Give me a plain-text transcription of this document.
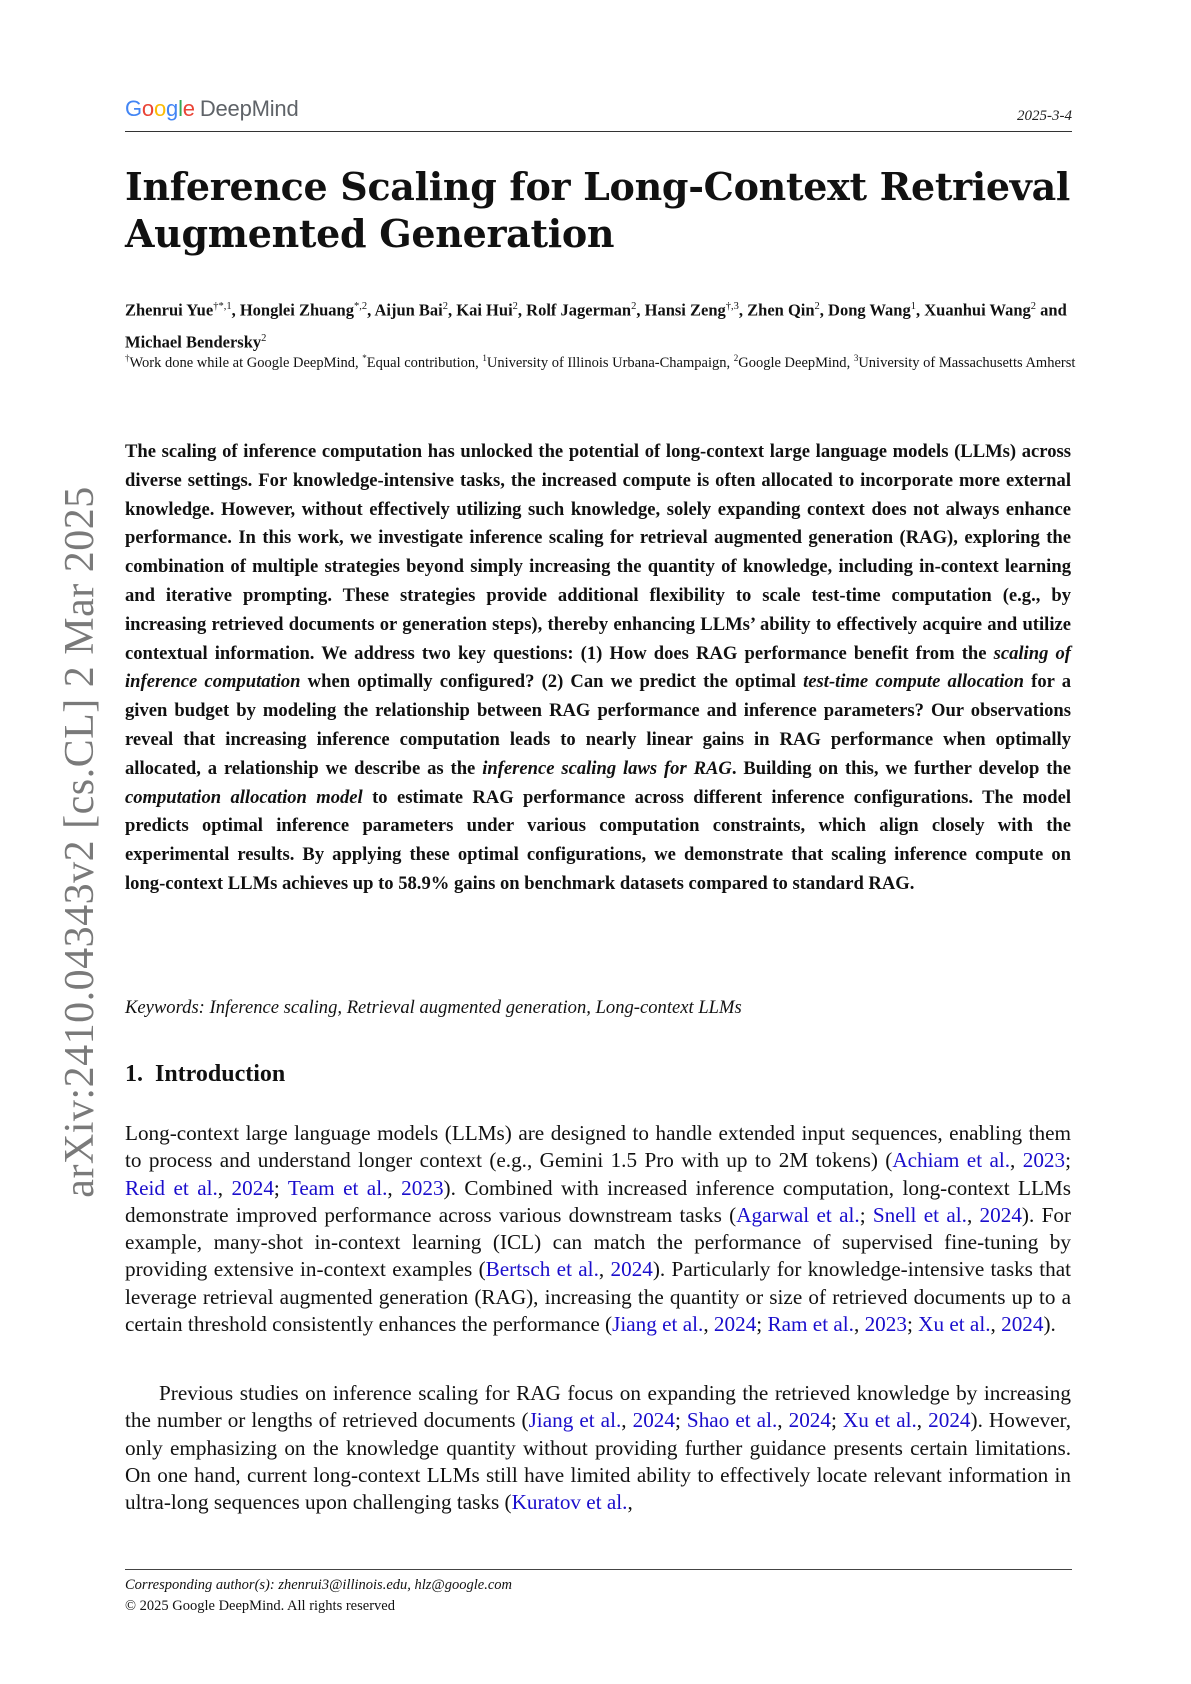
Google DeepMind	2025-3-4
Inference Scaling for Long-Context Retrieval Augmented Generation
Zhenrui Yue$^{\dagger*,1}$, Honglei Zhuang$^{*,2}$, Aijun Bai$^2$, Kai Hui$^2$, Rolf Jagerman$^2$, Hansi Zeng$^{\dagger,3}$, Zhen Qin$^2$, Dong Wang$^1$, Xuanhui Wang$^2$ and Michael Bendersky$^2$
†Work done while at Google DeepMind, *Equal contribution, $^1$University of Illinois Urbana-Champaign, $^2$Google DeepMind, $^3$University of Massachusetts Amherst

The scaling of inference computation has unlocked the potential of long-context large language models (LLMs) across diverse settings. For knowledge-intensive tasks, the increased compute is often allocated to incorporate more external knowledge. However, without effectively utilizing such knowledge, solely expanding context does not always enhance performance. In this work, we investigate inference scaling for retrieval augmented generation (RAG), exploring the combination of multiple strategies beyond simply increasing the quantity of knowledge, including in-context learning and iterative prompting. These strategies provide additional flexibility to scale test-time computation (e.g., by increasing retrieved documents or generation steps), thereby enhancing LLMs’ ability to effectively acquire and utilize contextual information. We address two key questions: (1) How does RAG performance benefit from the scaling of inference computation when optimally configured? (2) Can we predict the optimal test-time compute allocation for a given budget by modeling the relationship between RAG performance and inference parameters? Our observations reveal that increasing inference computation leads to nearly linear gains in RAG performance when optimally allocated, a relationship we describe as the inference scaling laws for RAG. Building on this, we further develop the computation allocation model to estimate RAG performance across different inference configurations. The model predicts optimal inference parameters under various computation constraints, which align closely with the experimental results. By applying these optimal configurations, we demonstrate that scaling inference compute on long-context LLMs achieves up to 58.9% gains on benchmark datasets compared to standard RAG.

Keywords: Inference scaling, Retrieval augmented generation, Long-context LLMs
1. Introduction

Long-context large language models (LLMs) are designed to handle extended input sequences, enabling them to process and understand longer context (e.g., Gemini 1.5 Pro with up to 2M tokens) (Achiam et al., 2023; Reid et al., 2024; Team et al., 2023). Combined with increased inference computation, long-context LLMs demonstrate improved performance across various downstream tasks (Agarwal et al.; Snell et al., 2024). For example, many-shot in-context learning (ICL) can match the performance of supervised fine-tuning by providing extensive in-context examples (Bertsch et al., 2024). Particularly for knowledge-intensive tasks that leverage retrieval augmented generation (RAG), increasing the quantity or size of retrieved documents up to a certain threshold consistently enhances the performance (Jiang et al., 2024; Ram et al., 2023; Xu et al., 2024).

Previous studies on inference scaling for RAG focus on expanding the retrieved knowledge by increasing the number or lengths of retrieved documents (Jiang et al., 2024; Shao et al., 2024; Xu et al., 2024). However, only emphasizing on the knowledge quantity without providing further guidance presents certain limitations. On one hand, current long-context LLMs still have limited ability to effectively locate relevant information in ultra-long sequences upon challenging tasks (Kuratov et al.,

Corresponding author(s): zhenrui3@illinois.edu, hlz@google.com
© 2025 Google DeepMind. All rights reserved
arXiv:2410.04343v2 [cs.CL] 2 Mar 2025
